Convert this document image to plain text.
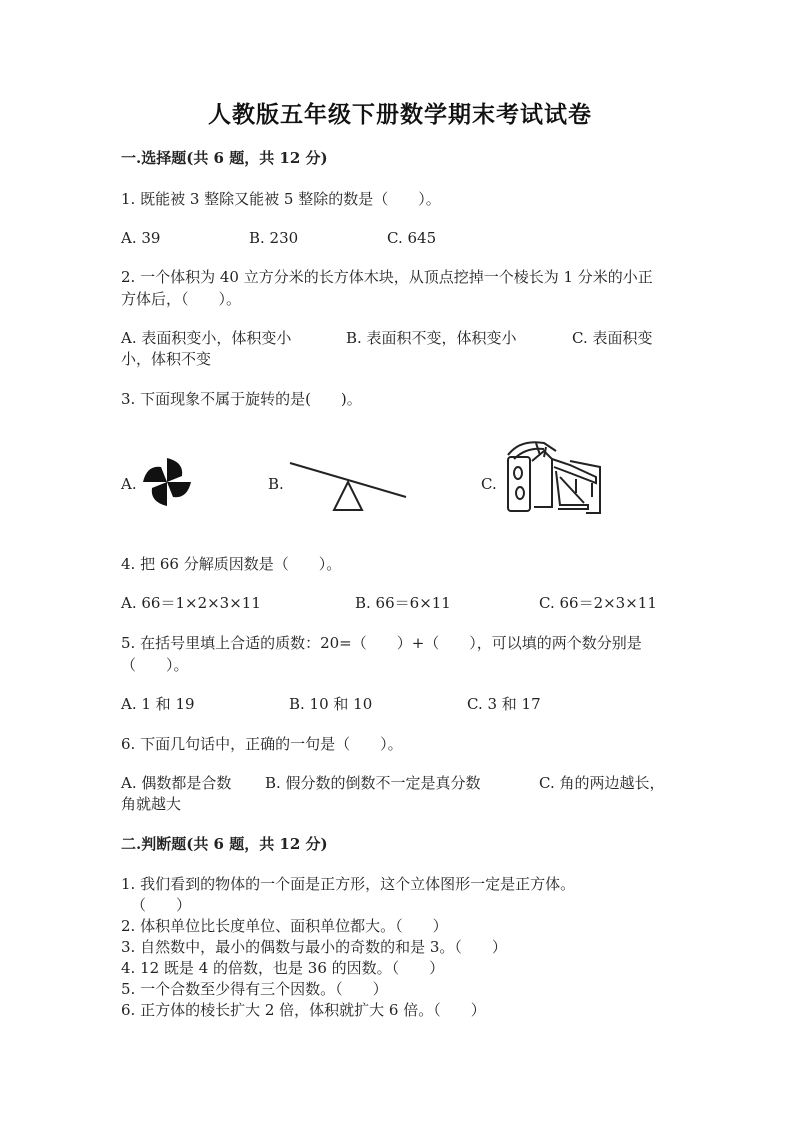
人教版五年级下册数学期末考试试卷
一.选择题(共 6 题，共 12 分)
1. 既能被 3 整除又能被 5 整除的数是（　　）。
A. 39	B. 230	C. 645
2. 一个体积为 40 立方分米的长方体木块，从顶点挖掉一个棱长为 1 分米的小正
方体后，（　　）。
A. 表面积变小，体积变小	B. 表面积不变，体积变小	C. 表面积变
小，体积不变
3. 下面现象不属于旋转的是(　　)。
A.	B.	C.
4. 把 66 分解质因数是（　　）。
A. 66＝1×2×3×11	B. 66＝6×11	C. 66＝2×3×11
5. 在括号里填上合适的质数：20=（　　）+（　　），可以填的两个数分别是
（　　）。
A. 1 和 19	B. 10 和 10	C. 3 和 17
6. 下面几句话中，正确的一句是（　　）。
A. 偶数都是合数 B. 假分数的倒数不一定是真分数	C. 角的两边越长，
角就越大
二.判断题(共 6 题，共 12 分)
1. 我们看到的物体的一个面是正方形，这个立体图形一定是正方体。
（　　）
2. 体积单位比长度单位、面积单位都大。（　　）
3. 自然数中，最小的偶数与最小的奇数的和是 3。（　　）
4. 12 既是 4 的倍数，也是 36 的因数。（　　）
5. 一个合数至少得有三个因数。（　　）
6. 正方体的棱长扩大 2 倍，体积就扩大 6 倍。（　　）
